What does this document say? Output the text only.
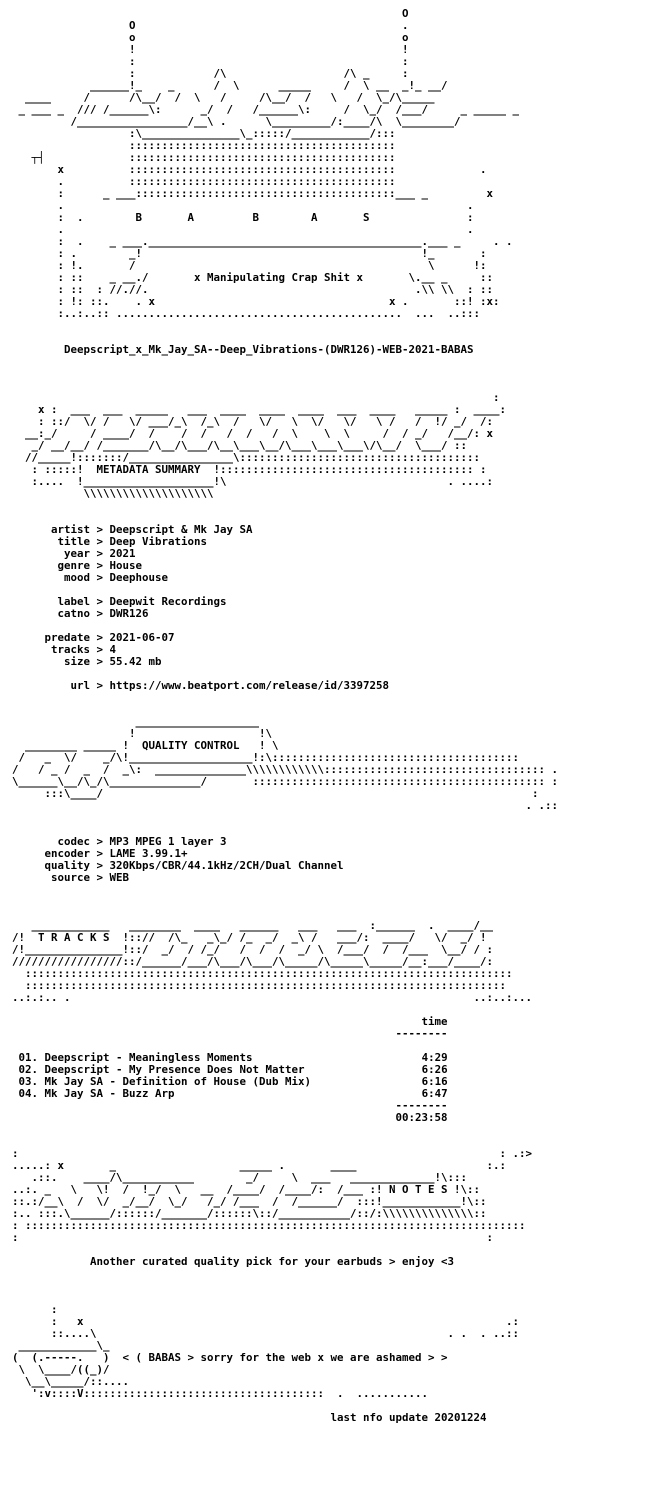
O
O                                         .
o                                         o
!                                         !
:                                         :
:            /\                  /\ _     :
______!_    _      /  \      _____     /  \ __  _!_ __/
____     /      /\__/  /  \   /     /\__/  /   \   /  \_/\_____
_ ___ _  /// /______\:      _/  /   /______\:     /  \_/  /___/     _ _____ _
/_________________/__\ .      \_________/:____/\  \________/
:\_______________\_:::::/____________/:::
:::::::::::::::::::::::::::::::::::::::::
┬┤             :::::::::::::::::::::::::::::::::::::::::
x          :::::::::::::::::::::::::::::::::::::::::             .
.          :::::::::::::::::::::::::::::::::::::::::
:      _ ___::::::::::::::::::::::::::::::::::::::::___ _         x
.                                                              .
:  .        B       A         B        A       S               :
.                                                              .
:  .    _ ___.__________________________________________.___ _     . .
: .        _!                                           !_       :
: !.       /                                             \      !:
: ::    _ __./       x Manipulating Crap Shit x       \.__ _     ::
: ::  : //.//.                                         .\\ \\  : ::
: !: ::.    . x                                    x .       ::! :x:
:..:..:: ............................................  ...  ..:::
Deepscript_x_Mk_Jay_SA--Deep_Vibrations-(DWR126)-WEB-2021-BABAS
:
x :  ___  ___  _____   ___  ____  ____  ____  ___  ____   _____ :  ____:
: ::/  \/ /   \/ ___/_\  /_\  /   \/   \  \/   \/   \ /   /  !/ _/  /:
__:_/     / ____/  /    /  /   /  /   /  \    \  \     /  / _/   /__/: x
_/ __/__/ /_______/\__/\___/\__\___\__/\___\___\___\/\__/  \___/ ::
//_____!:::::::/________________\:::::::::::::::::::::::::::::::::::::
: :::::!  METADATA SUMMARY  !::::::::::::::::::::::::::::::::::::::: :
:....  !____________________!\                                  . ....:
\\\\\\\\\\\\\\\\\\\\
artist > Deepscript & Mk Jay SA
title > Deep Vibrations
year > 2021
genre > House
mood > Deephouse
label > Deepwit Recordings
catno > DWR126
predate > 2021-06-07
tracks > 4
size > 55.42 mb
url > https://www.beatport.com/release/id/3397258
___________________
!                   !\
________ _____ !  QUALITY CONTROL   ! \
/   _  \/    _/\!___________________!:\::::::::::::::::::::::::::::::::::::::
/   / _ /  _  /  _\:  ______________\\\\\\\\\\\\:::::::::::::::::::::::::::::::::: .
\______\__/\_/\______________/       ::::::::::::::::::::::::::::::::::::::::::::: :
:::\____/                                                                  :
. .::
codec > MP3 MPEG 1 layer 3
encoder > LAME 3.99.1+
quality > 320Kbps/CBR/44.1kHz/2CH/Dual Channel
source > WEB
____________   ________  ____   ______   ___   ___  :______  .  ____/__
/!  T R A C K S  !:://  /\_   _\_/ /_  _/  _\ /   ___/:  ____/   \/  _/ !
/!_______________!::/  _/  / /_/   /  /  /  _/ \  /___/  /  /___  \__/ / :
/////////////////::/______/___/\___/\___/\_____/\_____\_____/__:___/____/:
:::::::::::::::::::::::::::::::::::::::::::::::::::::::::::::::::::::::::::
::::::::::::::::::::::::::::::::::::::::::::::::::::::::::::::::::::::::::
..:.:.. .                                                              ..:..:...
time
--------
01. Deepscript - Meaningless Moments	4:29
02. Deepscript - My Presence Does Not Matter	6:26
03. Mk Jay SA - Definition of House (Dub Mix)	6:16
04. Mk Jay SA - Buzz Arp	6:47
--------
00:23:58
:                                                                          : .:>
.....: x       _                   _____ .       ____                    :.:
.::.    ____/\___________        _/     \  ___   _____________!\:::
..:. _   \   \!  /  !_/  \   __  /____/  /____/:  /___ :! N O T E S !\::
::.:/__\  /  \/  _/__/  \_/   /_/ /___  /  /______/  :::!____________!\::
:.. :::.\______/::::::/_______/::::::\::/___________/::/:\\\\\\\\\\\\\\::
: :::::::::::::::::::::::::::::::::::::::::::::::::::::::::::::::::::::::::::::
:                                                                        :
Another curated quality pick for your earbuds > enjoy <3
:
:   x                                                                 .:
::....\                                                      . .  . ..::
____________\_
(  (.-----.   )  < ( BABAS > sorry for the web x we are ashamed > >
\  \____/((_)/
\__\_____/::....
':v::::V:::::::::::::::::::::::::::::::::::::  .  ...........
last nfo update 20201224
